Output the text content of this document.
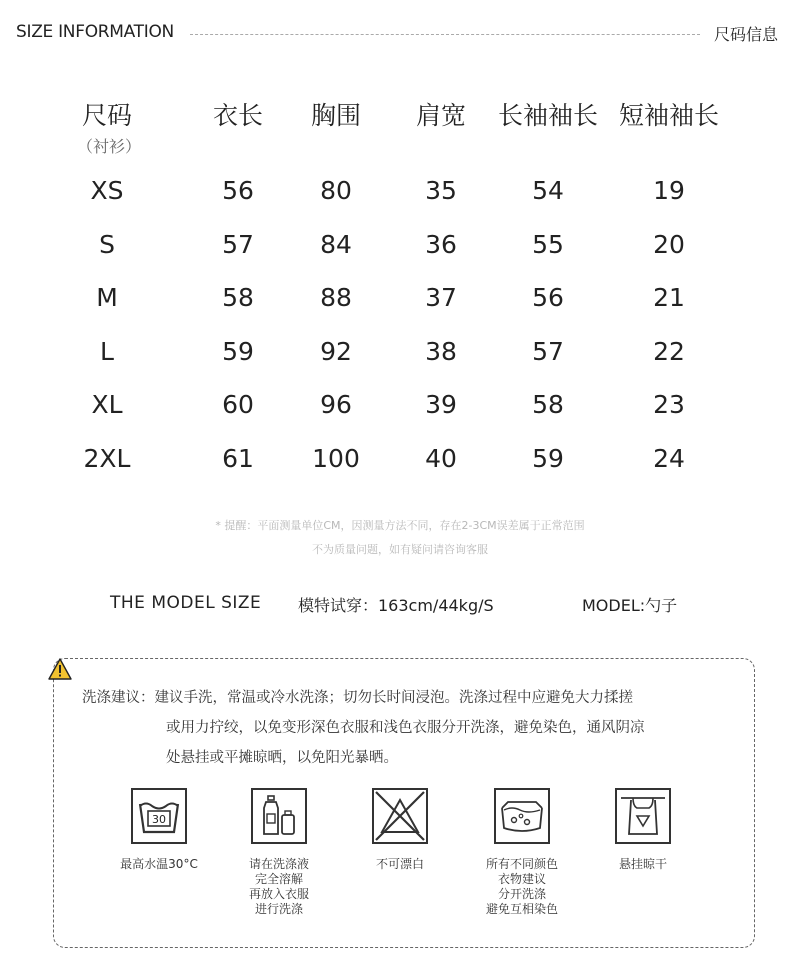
SIZE INFORMATION	尺码信息
尺码
（衬衫）
衣长 胸围 肩宽 长袖袖长 短袖袖长
XS	56	80	35	54	19
S	57	84	36	55	20
M	58	88	37	56	21
L	59	92	38	57	22
XL	60	96	39	58	23
2XL	61 100	40	59	24
* 提醒：平面测量单位CM，因测量方法不同，存在2-3CM误差属于正常范围
不为质量问题，如有疑问请咨询客服
THE MODEL SIZE 模特试穿：163cm/44kg/S	MODEL:勺子
洗涤建议：建议手洗，常温或冷水洗涤；切勿长时间浸泡。洗涤过程中应避免大力揉搓
或用力拧绞，以免变形深色衣服和浅色衣服分开洗涤，避免染色，通风阴凉
处悬挂或平摊晾晒，以免阳光暴晒。
30
最高水温30°C	请在洗涤液
完全溶解
再放入衣服
进行洗涤
不可漂白	所有不同颜色
衣物建议
分开洗涤
避免互相染色
悬挂晾干
